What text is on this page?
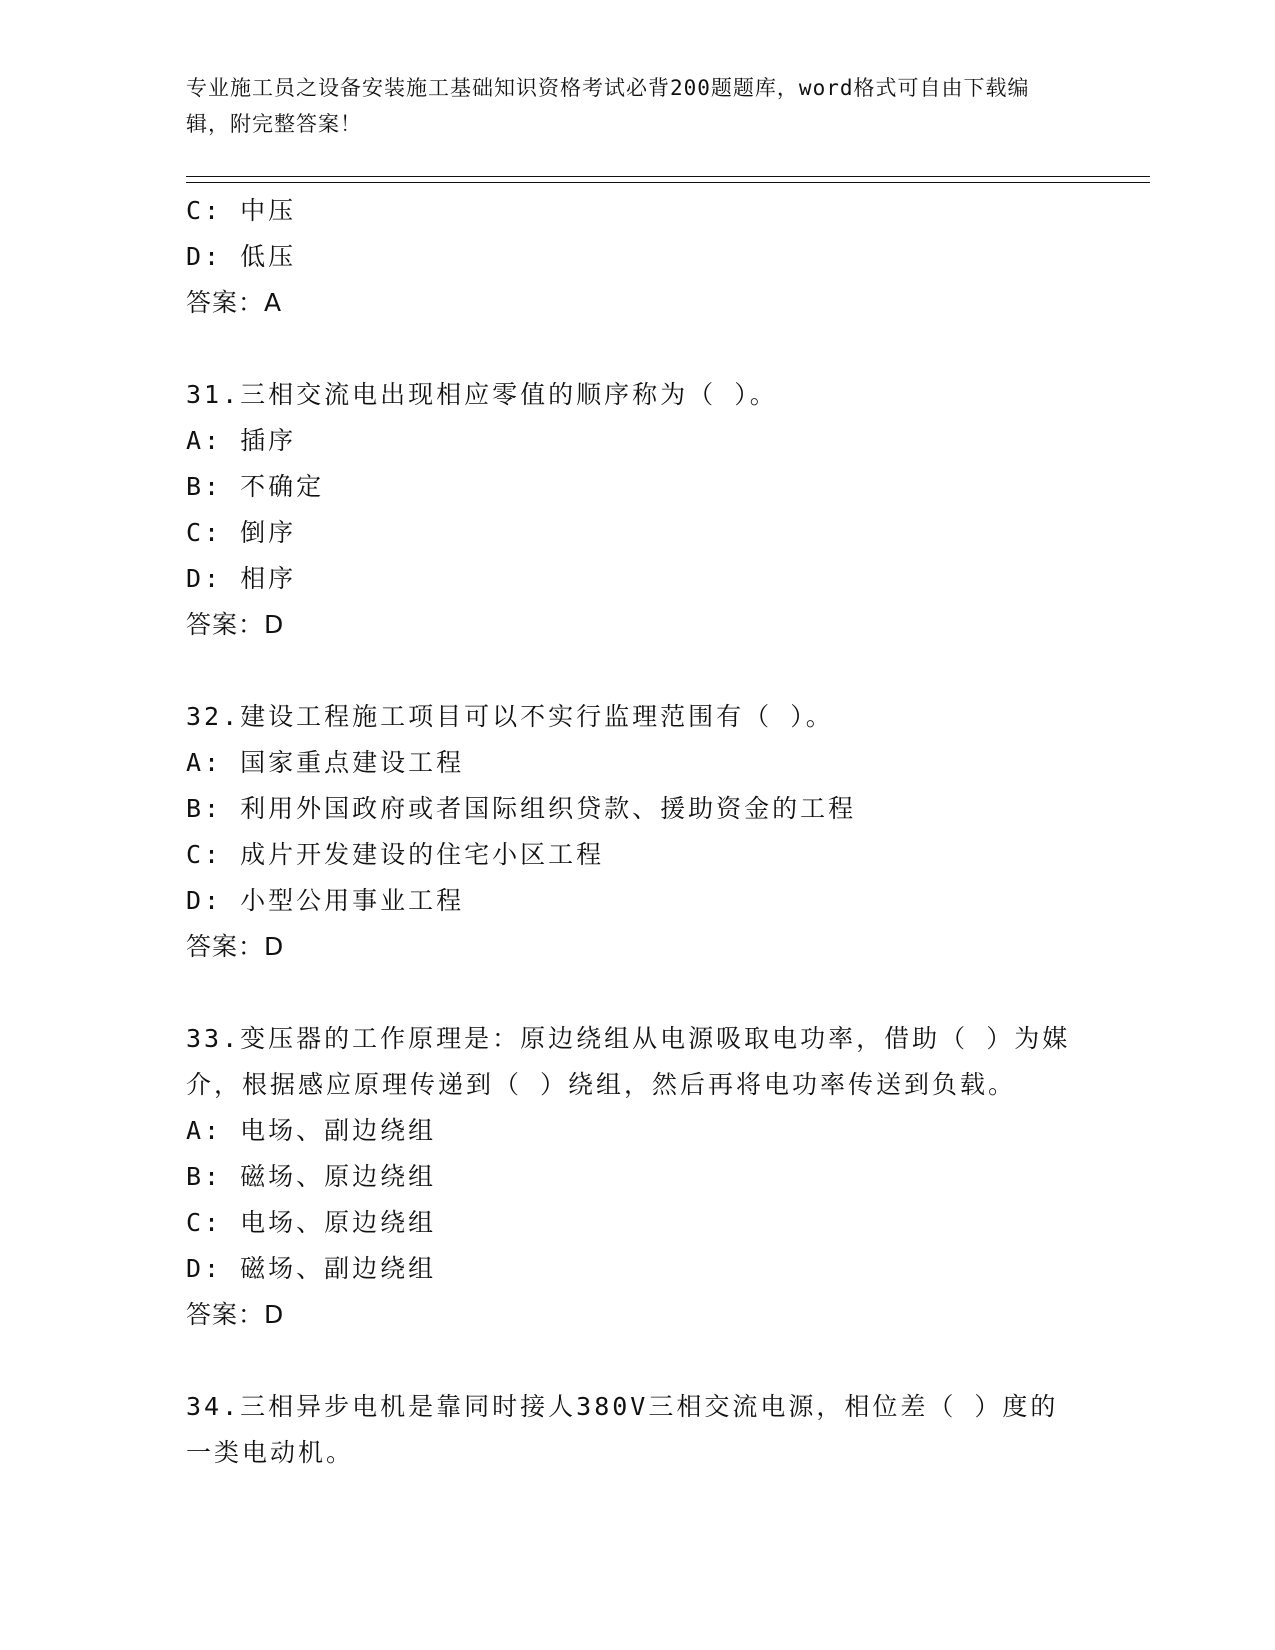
专业施工员之设备安装施工基础知识资格考试必背200题题库，word格式可自由下载编辑，附完整答案！
C: 中压
D: 低压
答案：A
31.三相交流电出现相应零值的顺序称为（ ）。
A: 插序
B: 不确定
C: 倒序
D: 相序
答案：D
32.建设工程施工项目可以不实行监理范围有（ ）。
A: 国家重点建设工程
B: 利用外国政府或者国际组织贷款、援助资金的工程
C: 成片开发建设的住宅小区工程
D: 小型公用事业工程
答案：D
33.变压器的工作原理是：原边绕组从电源吸取电功率，借助（ ）为媒介，根据感应原理传递到（ ）绕组，然后再将电功率传送到负载。
A: 电场、副边绕组
B: 磁场、原边绕组
C: 电场、原边绕组
D: 磁场、副边绕组
答案：D
34.三相异步电机是靠同时接人380V三相交流电源，相位差（ ）度的一类电动机。
